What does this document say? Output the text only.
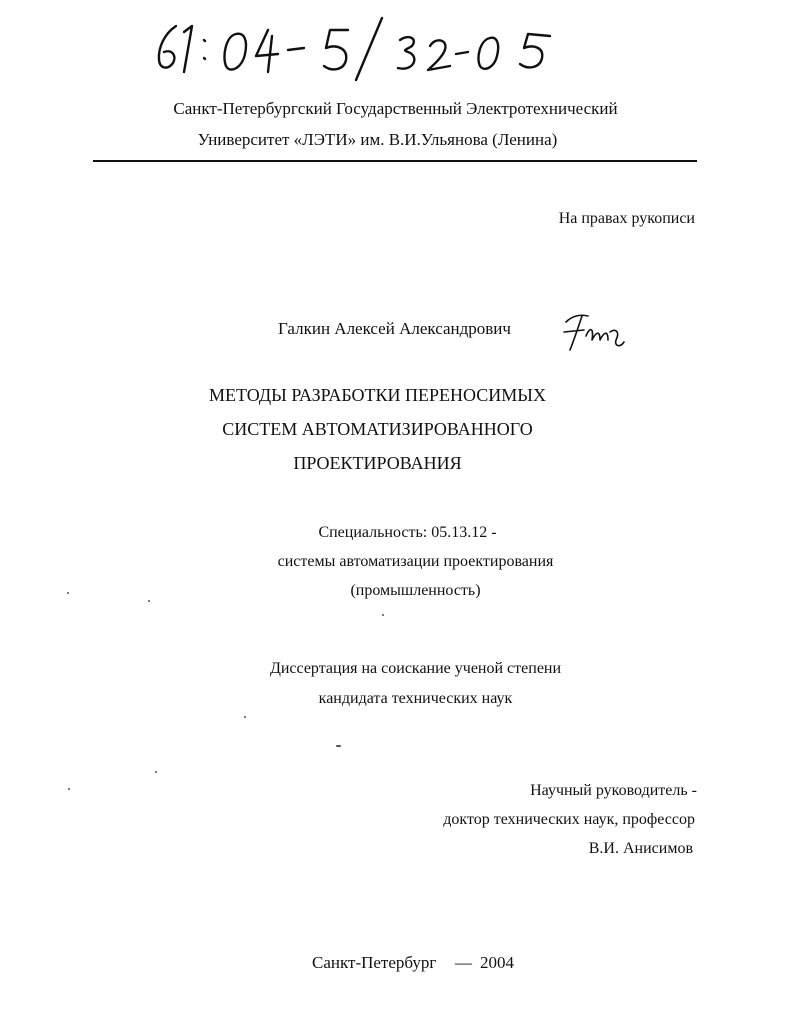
Санкт-Петербургский Государственный Электротехнический
Университет «ЛЭТИ» им. В.И.Ульянова (Ленина)
На правах рукописи
Галкин Алексей Александрович
МЕТОДЫ РАЗРАБОТКИ ПЕРЕНОСИМЫХ
СИСТЕМ АВТОМАТИЗИРОВАННОГО
ПРОЕКТИРОВАНИЯ
Специальность: 05.13.12 -
системы автоматизации проектирования
(промышленность)
Диссертация на соискание ученой степени
кандидата технических наук
Научный руководитель -
доктор технических наук, профессор
В.И. Анисимов
Санкт-Петербург — 2004
